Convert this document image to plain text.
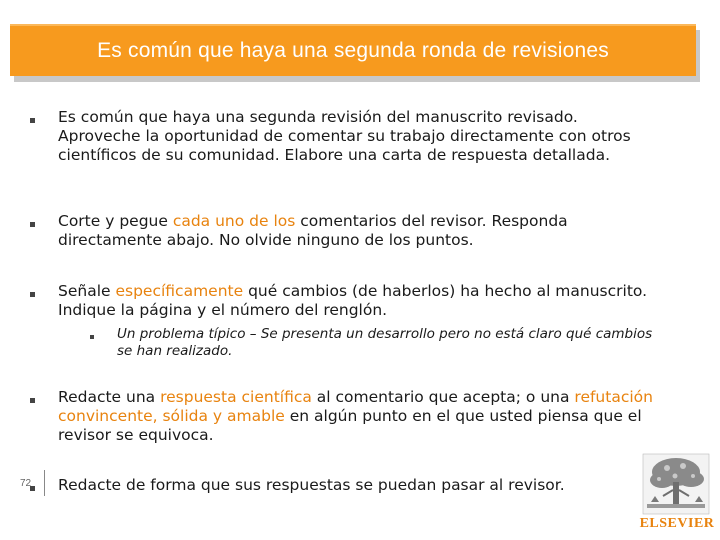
Es común que haya una segunda ronda de revisiones
Es común que haya una segunda revisión del manuscrito revisado. Aproveche la oportunidad de comentar su trabajo directamente con otros científicos de su comunidad. Elabore una carta de respuesta detallada.
Corte y pegue cada uno de los comentarios del revisor. Responda directamente abajo. No olvide ninguno de los puntos.
Señale específicamente qué cambios (de haberlos) ha hecho al manuscrito. Indique la página y el número del renglón.
Un problema típico – Se presenta un desarrollo pero no está claro qué cambios se han realizado.
Redacte una respuesta científica al comentario que acepta; o una refutación convincente, sólida y amable en algún punto en el que usted piensa que el revisor se equivoca.
Redacte de forma que sus respuestas se puedan pasar al revisor.
72
ELSEVIER
